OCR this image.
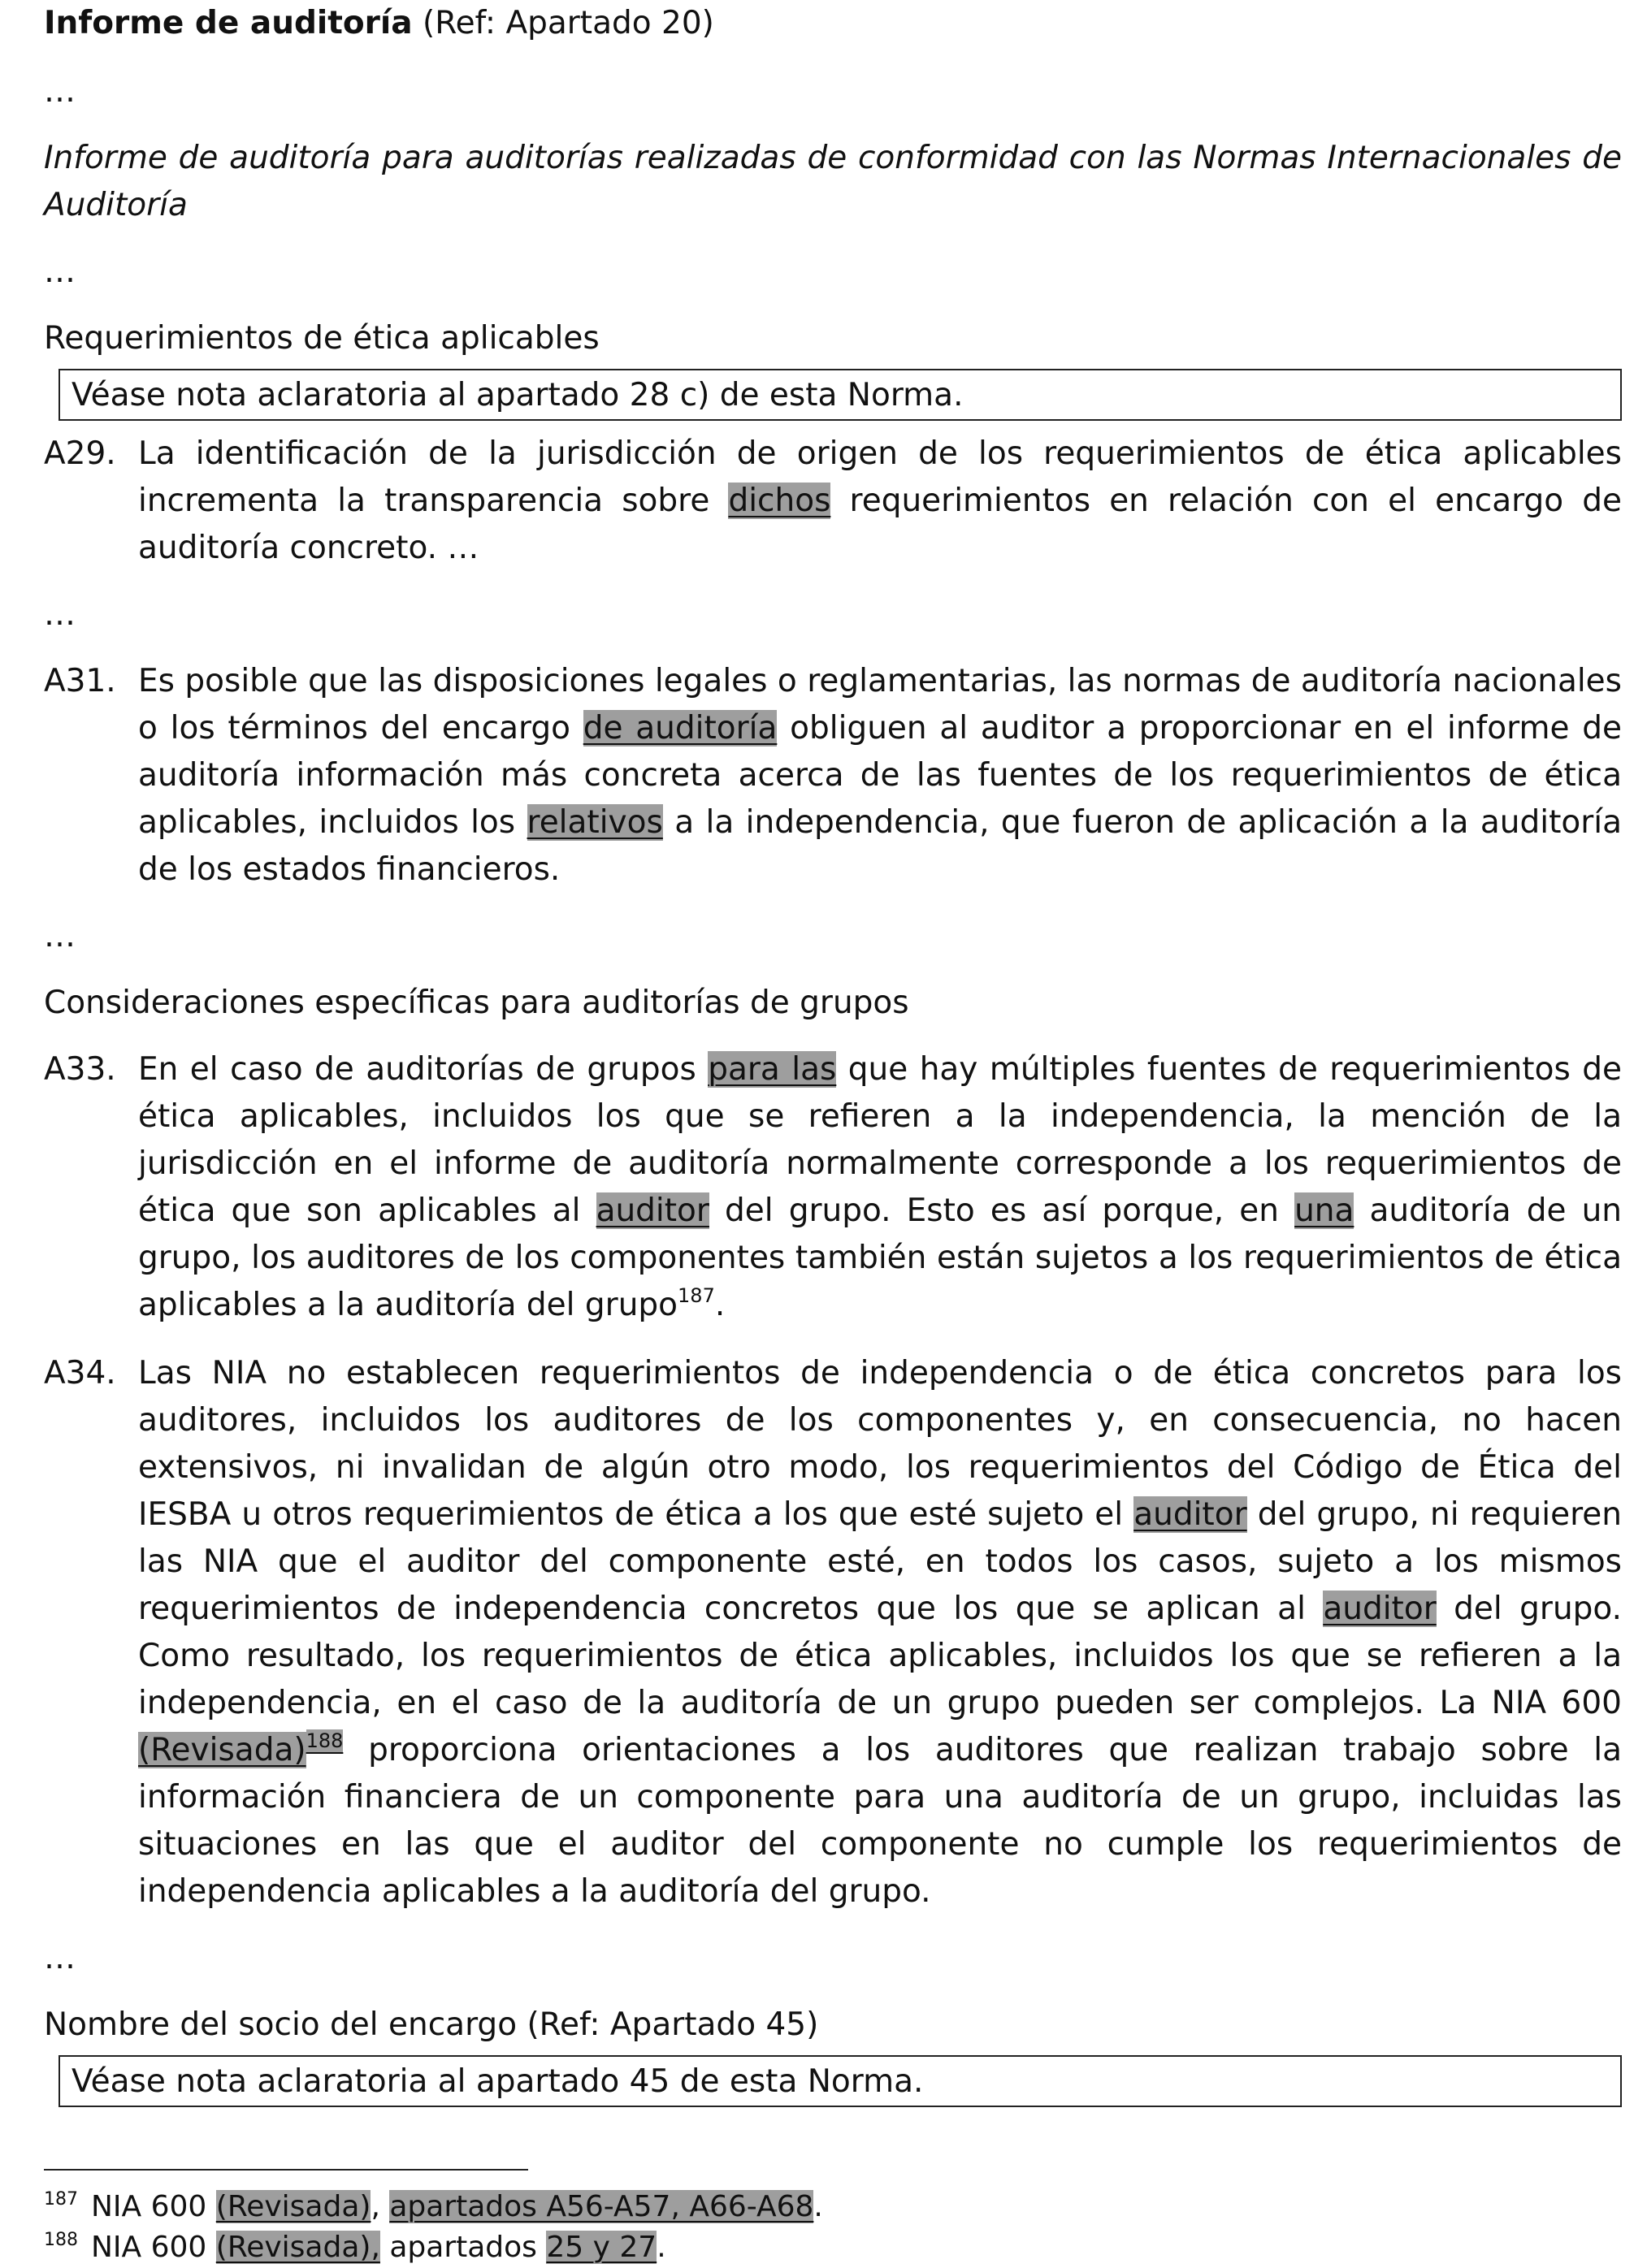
Informe de auditoría (Ref: Apartado 20)
…
Informe de auditoría para auditorías realizadas de conformidad con las Normas Internacionales de Auditoría
…
Requerimientos de ética aplicables
Véase nota aclaratoria al apartado 28 c) de esta Norma.
A29. La identificación de la jurisdicción de origen de los requerimientos de ética aplicables incrementa la transparencia sobre dichos requerimientos en relación con el encargo de auditoría concreto. …
…
A31. Es posible que las disposiciones legales o reglamentarias, las normas de auditoría nacionales o los términos del encargo de auditoría obliguen al auditor a proporcionar en el informe de auditoría información más concreta acerca de las fuentes de los requerimientos de ética aplicables, incluidos los relativos a la independencia, que fueron de aplicación a la auditoría de los estados financieros.
…
Consideraciones específicas para auditorías de grupos
A33. En el caso de auditorías de grupos para las que hay múltiples fuentes de requerimientos de ética aplicables, incluidos los que se refieren a la independencia, la mención de la jurisdicción en el informe de auditoría normalmente corresponde a los requerimientos de ética que son aplicables al auditor del grupo. Esto es así porque, en una auditoría de un grupo, los auditores de los componentes también están sujetos a los requerimientos de ética aplicables a la auditoría del grupo$^{187}$.
A34. Las NIA no establecen requerimientos de independencia o de ética concretos para los auditores, incluidos los auditores de los componentes y, en consecuencia, no hacen extensivos, ni invalidan de algún otro modo, los requerimientos del Código de Ética del IESBA u otros requerimientos de ética a los que esté sujeto el auditor del grupo, ni requieren las NIA que el auditor del componente esté, en todos los casos, sujeto a los mismos requerimientos de independencia concretos que los que se aplican al auditor del grupo. Como resultado, los requerimientos de ética aplicables, incluidos los que se refieren a la independencia, en el caso de la auditoría de un grupo pueden ser complejos. La NIA 600 (Revisada)$^{188}$ proporciona orientaciones a los auditores que realizan trabajo sobre la información financiera de un componente para una auditoría de un grupo, incluidas las situaciones en las que el auditor del componente no cumple los requerimientos de independencia aplicables a la auditoría del grupo.
…
Nombre del socio del encargo (Ref: Apartado 45)
Véase nota aclaratoria al apartado 45 de esta Norma.
$^{187}$ NIA 600 (Revisada), apartados A56-A57, A66-A68.
$^{188}$ NIA 600 (Revisada), apartados 25 y 27.
